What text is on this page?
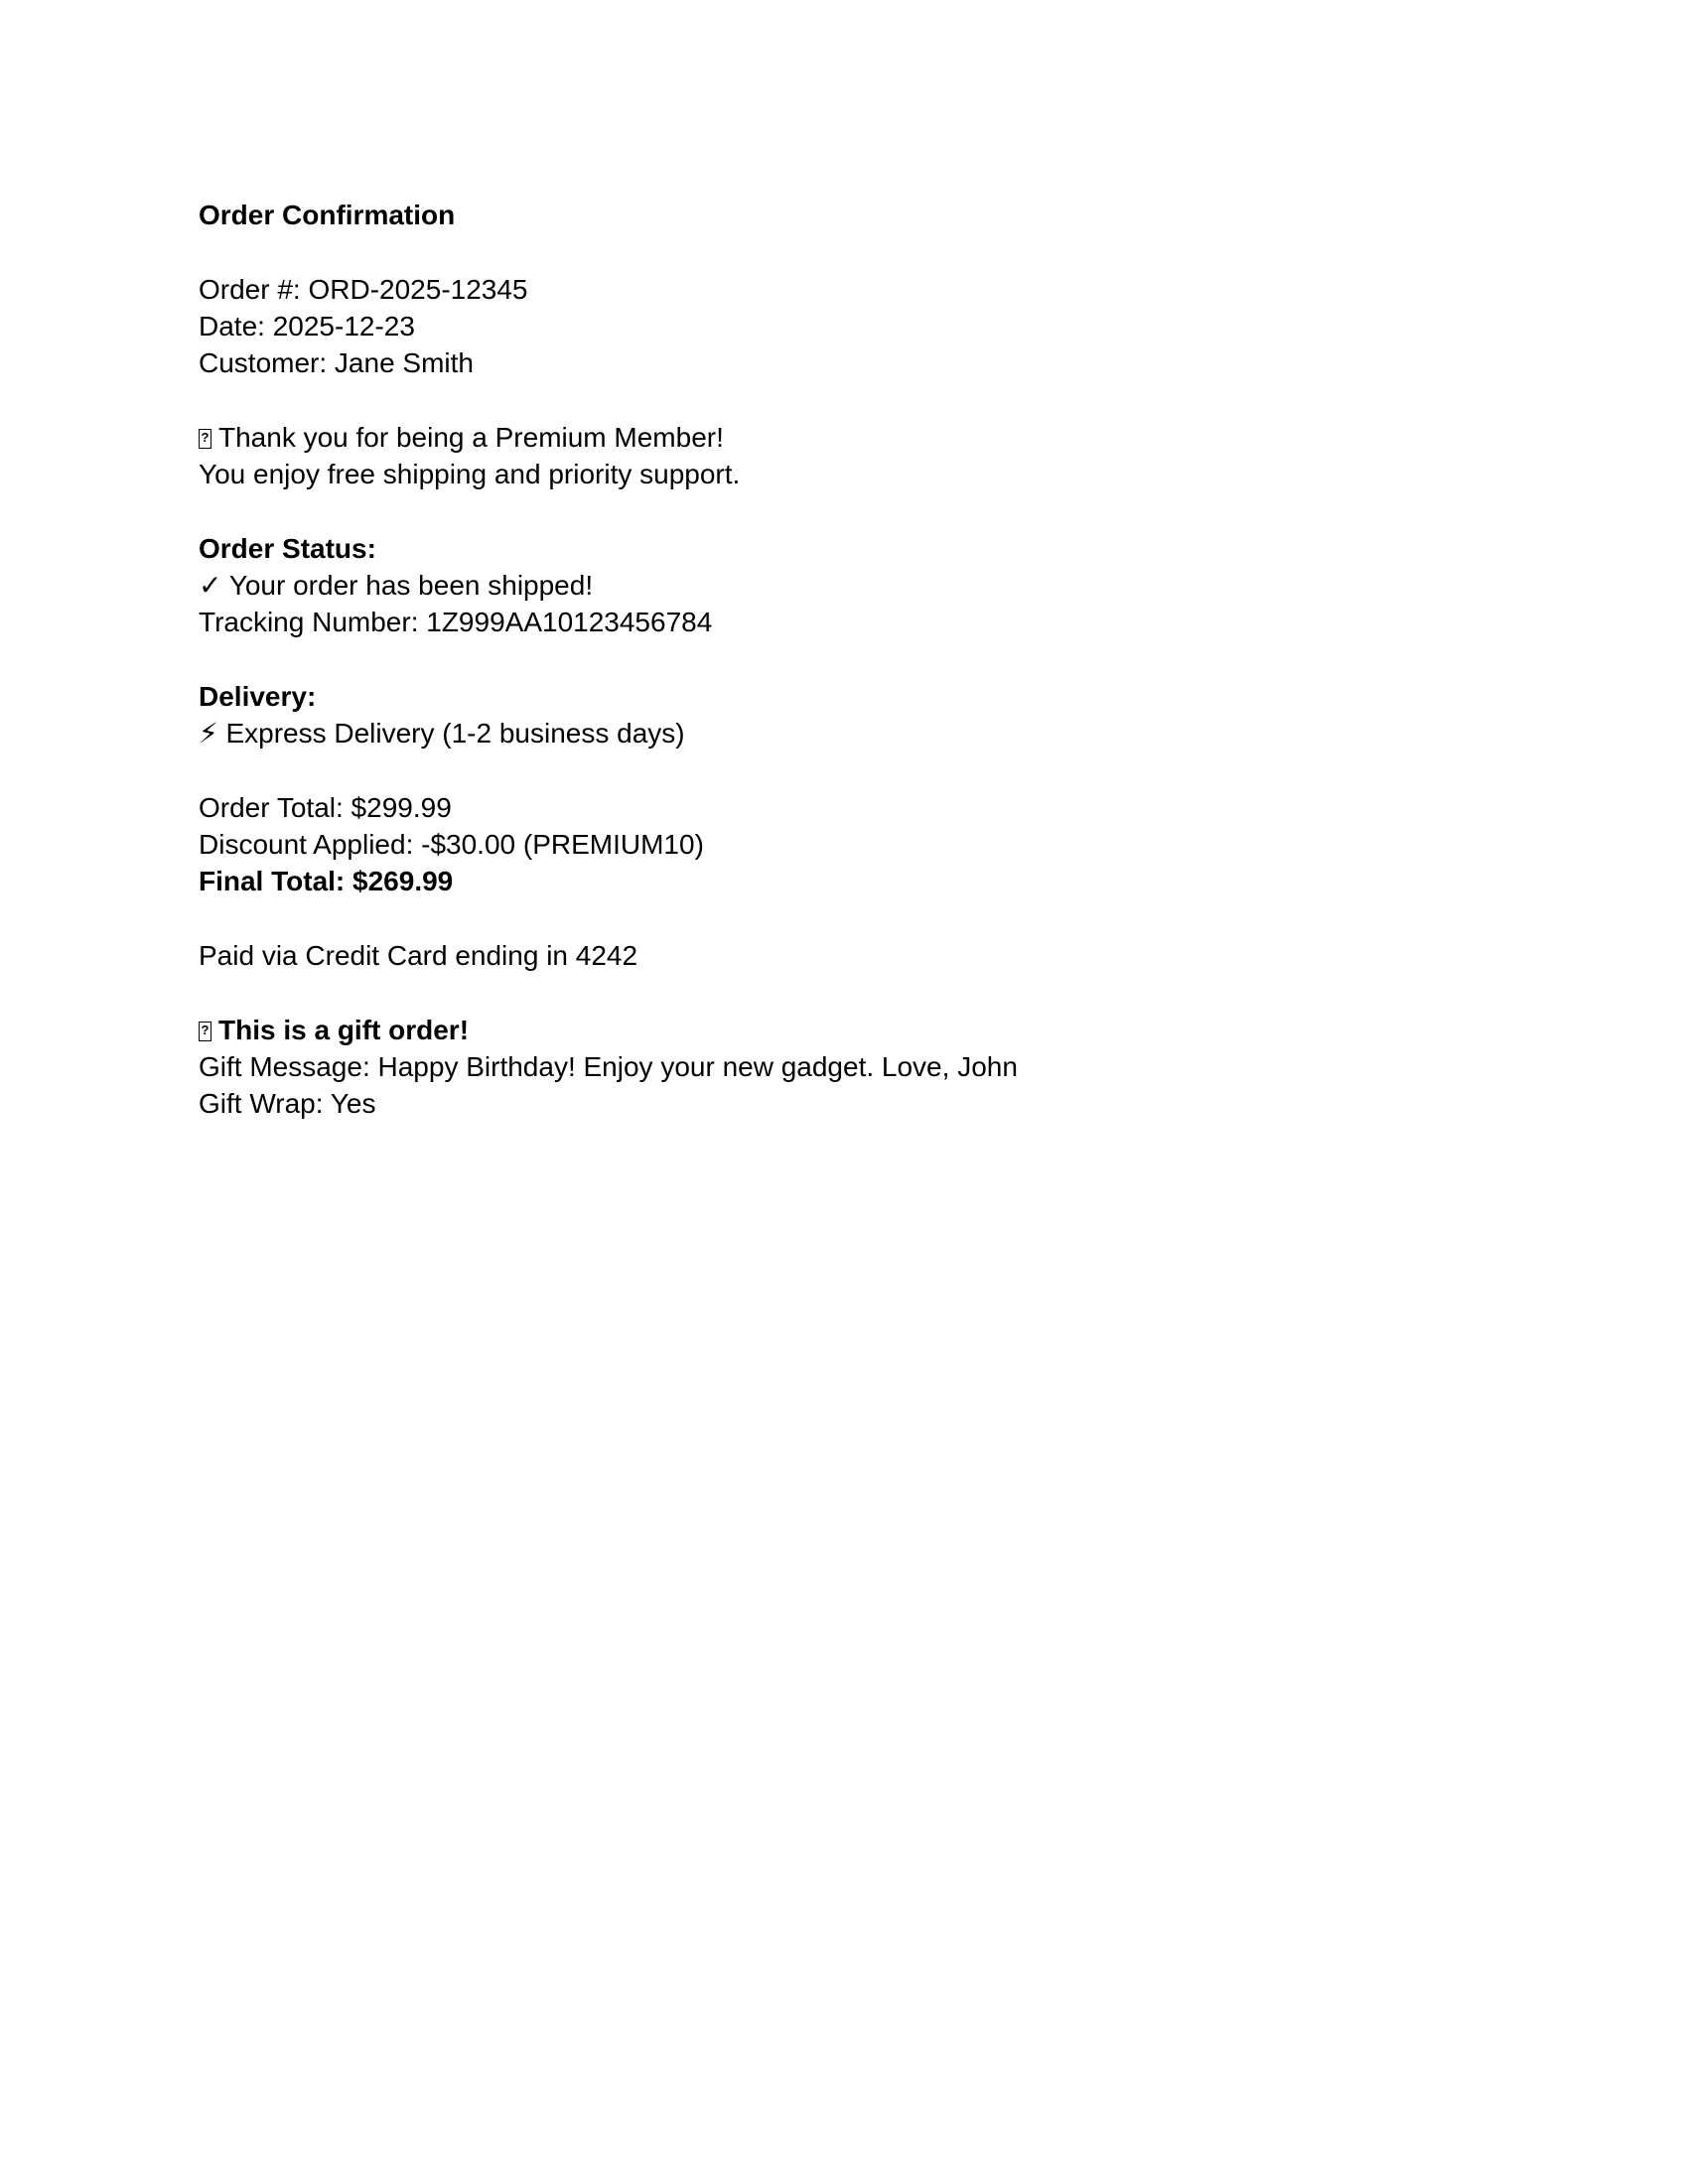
Order Confirmation
Order #: ORD-2025-12345
Date: 2025-12-23
Customer: Jane Smith
?Thank you for being a Premium Member!
You enjoy free shipping and priority support.
Order Status:
✓ Your order has been shipped!
Tracking Number: 1Z999AA10123456784
Delivery:
⚡ Express Delivery (1-2 business days)
Order Total: $299.99
Discount Applied: -$30.00 (PREMIUM10)
Final Total: $269.99
Paid via Credit Card ending in 4242
?This is a gift order!
Gift Message: Happy Birthday! Enjoy your new gadget. Love, John
Gift Wrap: Yes
